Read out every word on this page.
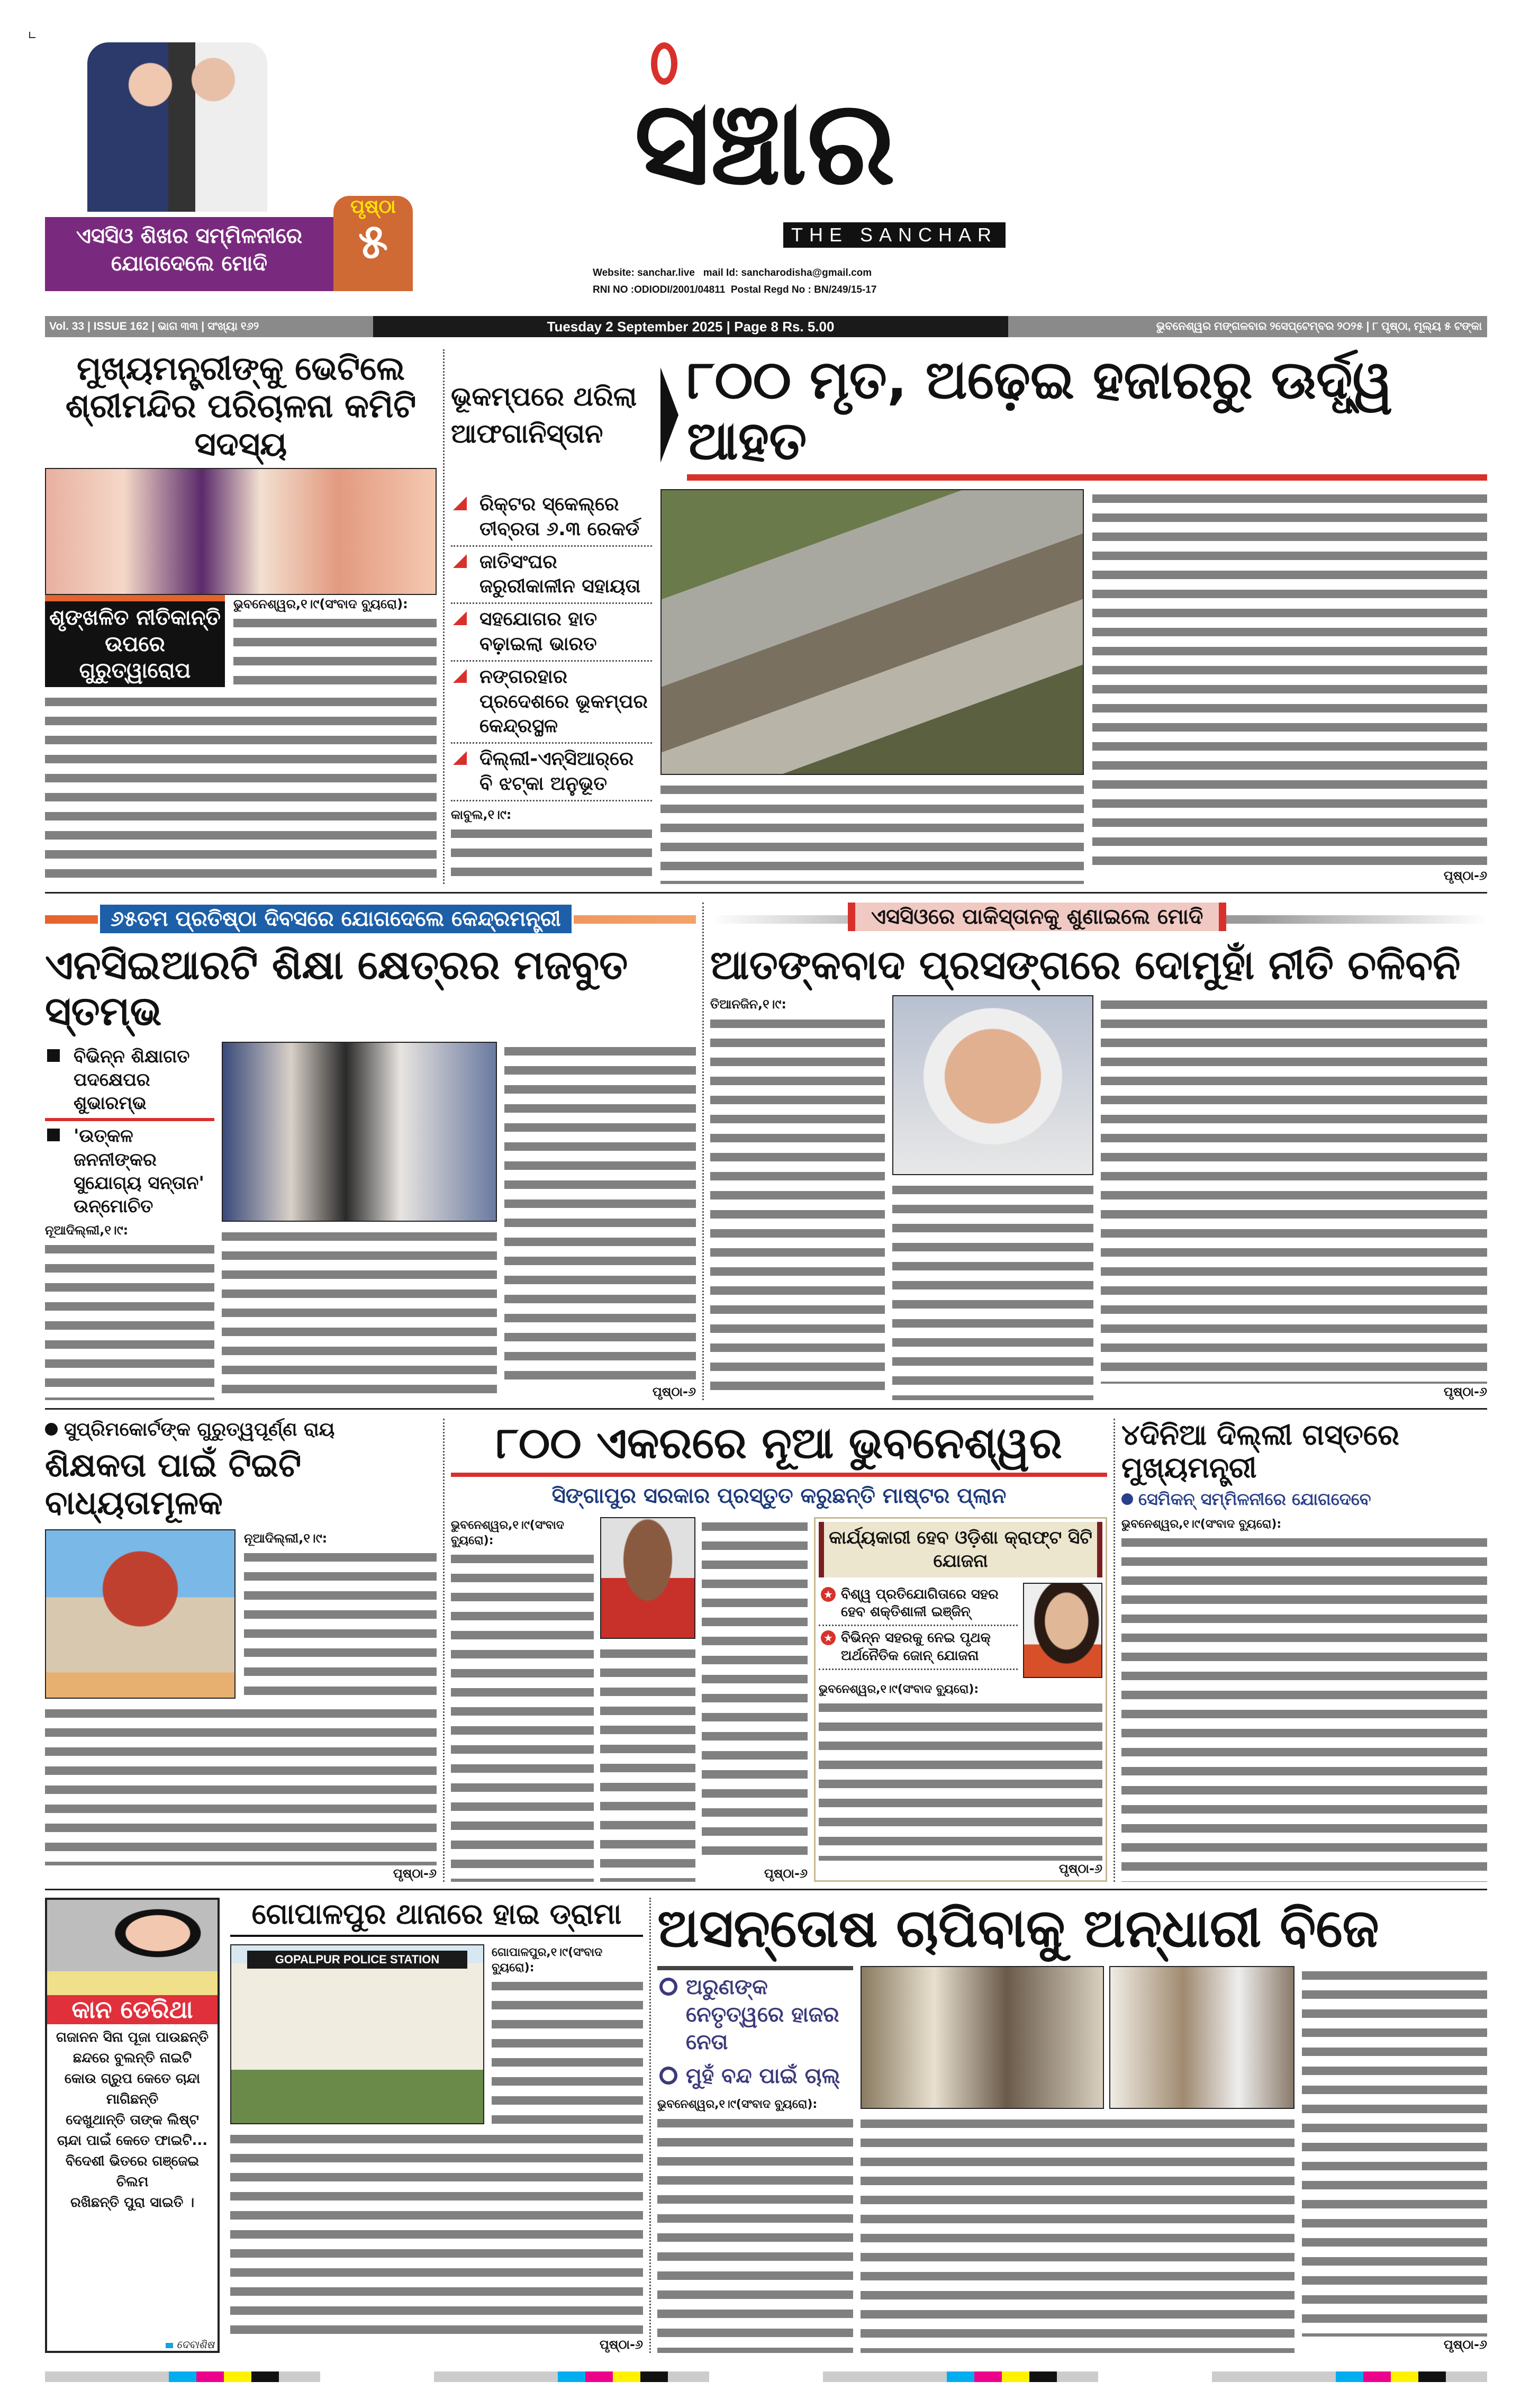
ଏସସିଓ ଶିଖର ସମ୍ମିଳନୀରେ ଯୋଗଦେଲେ ମୋଦି
ପୃଷ୍ଠା
୫
ସଞ୍ଚାର
THE SANCHAR
Website: sanchar.live mail Id: sancharodisha@gmail.com
RNI NO :ODIODI/2001/04811 Postal Regd No : BN/249/15-17
Vol. 33 | ISSUE 162 | ଭାଗ ୩୩ | ସଂଖ୍ୟା ୧୬୨	Tuesday 2 September 2025 | Page 8 Rs. 5.00	ଭୁବନେଶ୍ୱର ମଙ୍ଗଳବାର ୨ସେପ୍ଟେମ୍ବର ୨୦୨୫ | ୮ ପୃଷ୍ଠା, ମୂଲ୍ୟ ୫ ଟଙ୍କା
ମୁଖ୍ୟମନ୍ତ୍ରୀଙ୍କୁ ଭେଟିଲେ ଶ୍ରୀମନ୍ଦିର ପରିଚାଳନା କମିଟି ସଦସ୍ୟ
ଶୃଙ୍ଖଳିତ ନୀତିକାନ୍ତି ଉପରେ ଗୁରୁତ୍ୱାରୋପ
ଭୁବନେଶ୍ୱର,୧।୯(ସଂବାଦ ବ୍ୟୁରୋ):
ଭୂକମ୍ପରେ ଥରିଲା ଆଫଗାନିସ୍ତାନ
୮୦୦ ମୃତ, ଅଢ଼େଇ ହଜାରରୁ ଊର୍ଦ୍ଧ୍ୱ ଆହତ
ରିକ୍ଟର ସ୍କେଲ୍‌ରେ ତୀବ୍ରତା ୬.୩ ରେକର୍ଡ
ଜାତିସଂଘର ଜରୁରୀକାଳୀନ ସହାୟତା
ସହଯୋଗର ହାତ ବଢ଼ାଇଲା ଭାରତ
ନଙ୍ଗରହାର ପ୍ରଦେଶରେ ଭୂକମ୍ପର କେନ୍ଦ୍ରସ୍ଥଳ
ଦିଲ୍ଲୀ-ଏନ୍‌ସିଆର୍‌ରେ ବି ଝଟ୍‌କା ଅନୁଭୂତ
କାବୁଲ,୧।୯:
ପୃଷ୍ଠା-୬
୬୫ତମ ପ୍ରତିଷ୍ଠା ଦିବସରେ ଯୋଗଦେଲେ କେନ୍ଦ୍ରମନ୍ତ୍ରୀ
ଏନସିଇଆରଟି ଶିକ୍ଷା କ୍ଷେତ୍ରର ମଜବୁତ ସ୍ତମ୍ଭ
ବିଭିନ୍ନ ଶିକ୍ଷାଗତ ପଦକ୍ଷେପର ଶୁଭାରମ୍ଭ
'ଉତ୍କଳ ଜନନୀଙ୍କର ସୁଯୋଗ୍ୟ ସନ୍ତାନ' ଉନ୍ମୋଚିତ
ନୂଆଦିଲ୍ଲୀ,୧।୯:
ପୃଷ୍ଠା-୬
ଏସସିଓରେ ପାକିସ୍ତାନକୁ ଶୁଣାଇଲେ ମୋଦି
ଆତଙ୍କବାଦ ପ୍ରସଙ୍ଗରେ ଦୋମୁହାଁ ନୀତି ଚଳିବନି
ତିଆନଜିନ,୧।୯:
ପୃଷ୍ଠା-୬
ସୁପ୍ରିମକୋର୍ଟଙ୍କ ଗୁରୁତ୍ୱପୂର୍ଣ୍ଣ ରାୟ
ଶିକ୍ଷକତା ପାଇଁ ଟିଇଟି ବାଧ୍ୟତାମୂଳକ
ନୂଆଦିଲ୍ଲୀ,୧।୯:
ପୃଷ୍ଠା-୬
୮୦୦ ଏକରରେ ନୂଆ ଭୁବନେଶ୍ୱର
ସିଙ୍ଗାପୁର ସରକାର ପ୍ରସ୍ତୁତ କରୁଛନ୍ତି ମାଷ୍ଟର ପ୍ଲାନ
ଭୁବନେଶ୍ୱର,୧।୯(ସଂବାଦ ବ୍ୟୁରୋ):
ପୃଷ୍ଠା-୬
କାର୍ଯ୍ୟକାରୀ ହେବ ଓଡ଼ିଶା କ୍ରାଫ୍ଟ ସିଟି ଯୋଜନା
★ ବିଶ୍ୱ ପ୍ରତିଯୋଗିତାରେ ସହର ହେବ ଶକ୍ତିଶାଳୀ ଇଞ୍ଜିନ୍
★ ବିଭିନ୍ନ ସହରକୁ ନେଇ ପୃଥକ୍ ଅର୍ଥନୈତିକ ଜୋନ୍ ଯୋଜନା
ଭୁବନେଶ୍ୱର,୧।୯(ସଂବାଦ ବ୍ୟୁରୋ):
ପୃଷ୍ଠା-୬
୪ଦିନିଆ ଦିଲ୍ଲୀ ଗସ୍ତରେ ମୁଖ୍ୟମନ୍ତ୍ରୀ
ସେମିକନ୍ ସମ୍ମିଳନୀରେ ଯୋଗଦେବେ
ଭୁବନେଶ୍ୱର,୧।୯(ସଂବାଦ ବ୍ୟୁରୋ):
କାନ ଡେରିଥା
ଗଜାନନ ସିନା ପୂଜା ପାଉଛନ୍ତି
ଛନ୍ଦରେ ବୁଲନ୍ତି ନାଇଟି
କୋଉ ଗ୍ରୁପ କେତେ ଚାନ୍ଦା
ମାଗିଛନ୍ତି
ଦେଖୁଥାନ୍ତି ତାଙ୍କ ଲିଷ୍ଟ
ଚାନ୍ଦା ପାଇଁ କେତେ ଫାଇଟି...
ବିଦେଶୀ ଭିତରେ ଗଞ୍ଜେଇ
ଚିଲମ
ରଖିଛନ୍ତି ପୁରା ସାଇତି ।
ଦେବାଶିଷ
ଗୋପାଳପୁର ଥାନାରେ ହାଇ ଡ୍ରାମା
GOPALPUR POLICE STATION
ଗୋପାଳପୁର,୧।୯(ସଂବାଦ ବ୍ୟୁରୋ):
ପୃଷ୍ଠା-୬
ଅସନ୍ତୋଷ ଚାପିବାକୁ ଅନ୍ଧାରୀ ବିଜେ
ଅରୁଣଙ୍କ ନେତୃତ୍ୱରେ ହାଜର ନେତା
ମୁହଁ ବନ୍ଦ ପାଇଁ ଚାଲ୍
ଭୁବନେଶ୍ୱର,୧।୯(ସଂବାଦ ବ୍ୟୁରୋ):
ପୃଷ୍ଠା-୬
